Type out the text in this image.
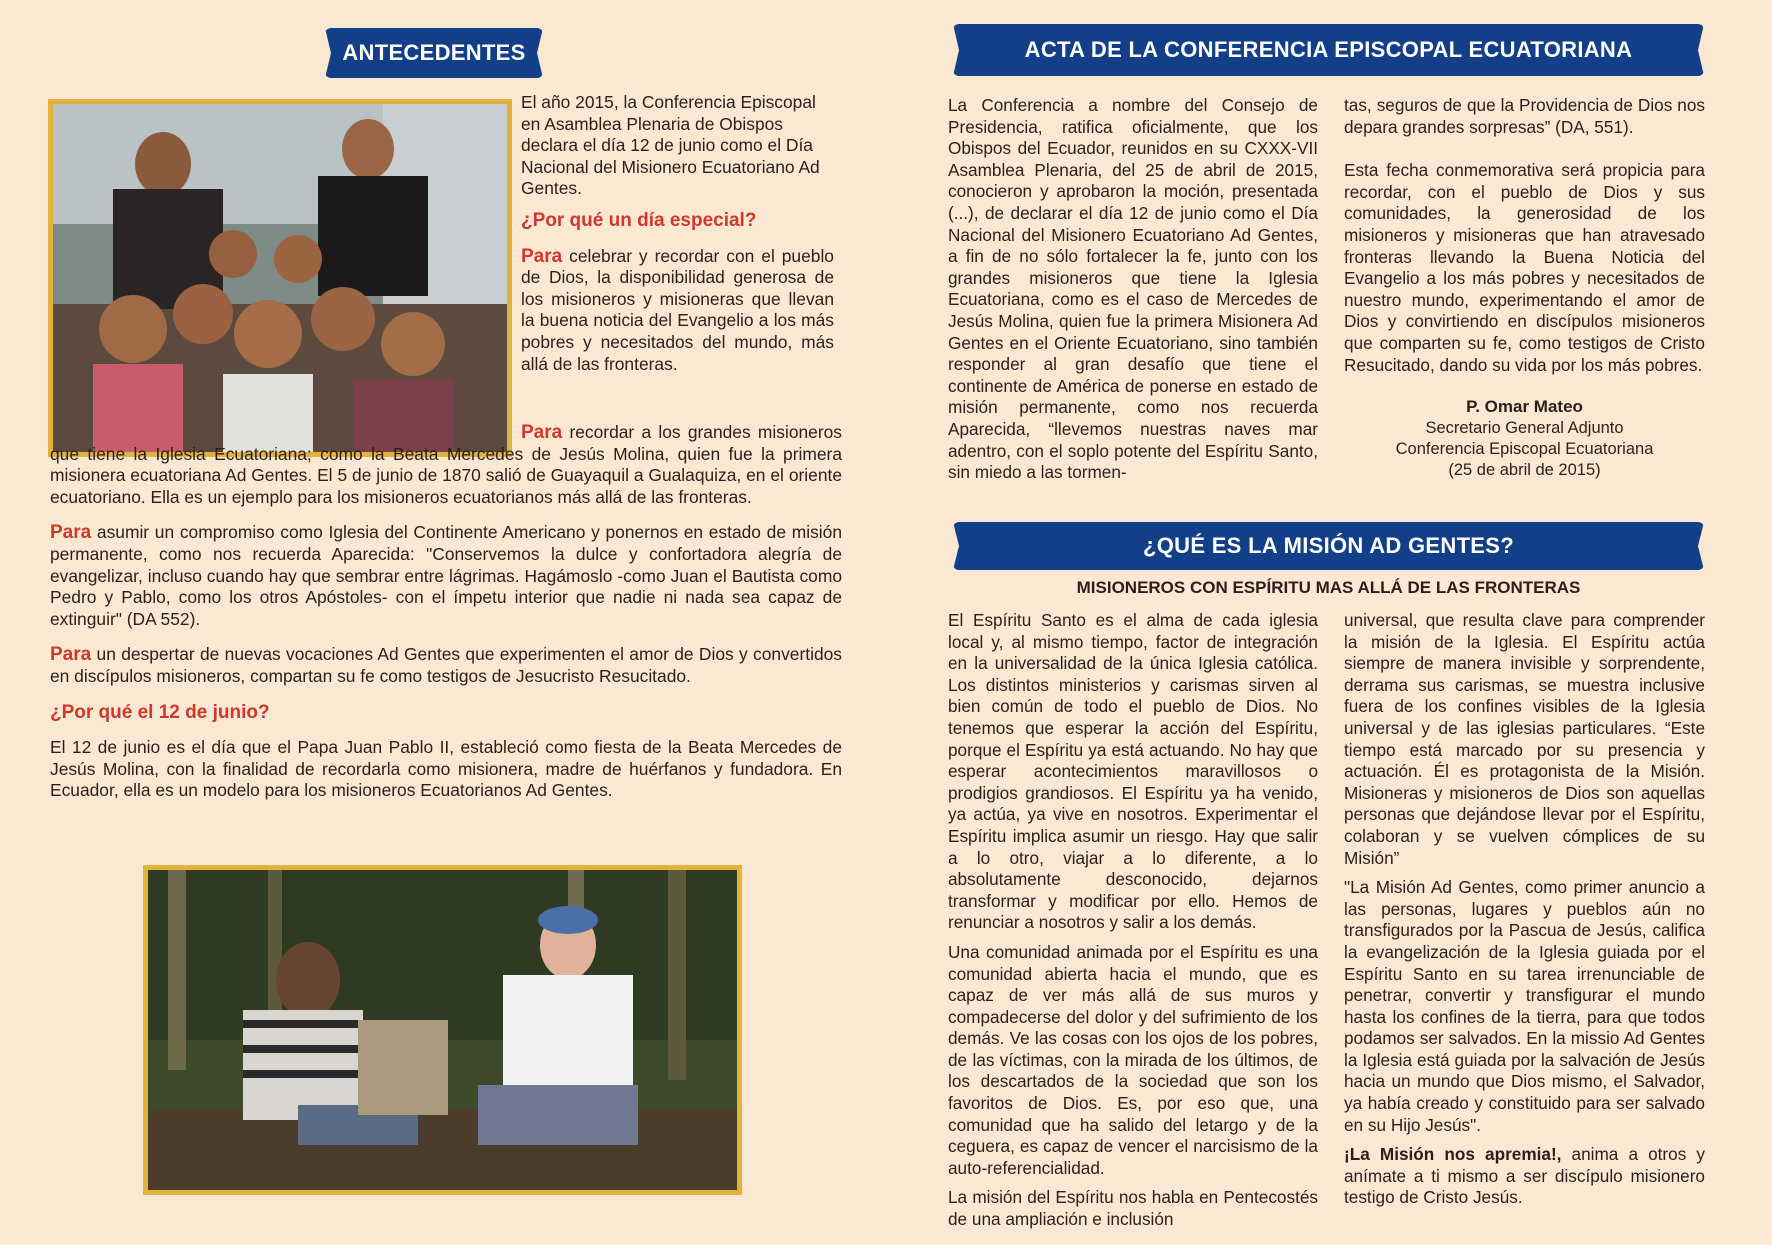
ANTECEDENTES

El año 2015, la Conferencia Episcopal en Asamblea Plenaria de Obispos declara el día 12 de junio como el Día Nacional del Misionero Ecuatoriano Ad Gentes.

¿Por qué un día especial?

Para celebrar y recordar con el pueblo de Dios, la disponibilidad generosa de los misioneros y misioneras que llevan la buena noticia del Evangelio a los más pobres y necesitados del mundo, más allá de las fronteras.

Para recordar a los grandes misioneros que tiene la Iglesia Ecuatoriana; como la Beata Mercedes de Jesús Molina, quien fue la primera misionera ecuatoriana Ad Gentes. El 5 de junio de 1870 salió de Guayaquil a Gualaquiza, en el oriente ecuatoriano. Ella es un ejemplo para los misioneros ecuatorianos más allá de las fronteras.

Para asumir un compromiso como Iglesia del Continente Americano y ponernos en estado de misión permanente, como nos recuerda Aparecida: "Conservemos la dulce y confortadora alegría de evangelizar, incluso cuando hay que sembrar entre lágrimas. Hagámoslo -como Juan el Bautista como Pedro y Pablo, como los otros Apóstoles- con el ímpetu interior que nadie ni nada sea capaz de extinguir" (DA 552).

Para un despertar de nuevas vocaciones Ad Gentes que experimenten el amor de Dios y convertidos en discípulos misioneros, compartan su fe como testigos de Jesucristo Resucitado.

¿Por qué el 12 de junio?

El 12 de junio es el día que el Papa Juan Pablo II, estableció como fiesta de la Beata Mercedes de Jesús Molina, con la finalidad de recordarla como misionera, madre de huérfanos y fundadora. En Ecuador, ella es un modelo para los misioneros Ecuatorianos Ad Gentes.

ACTA DE LA CONFERENCIA EPISCOPAL ECUATORIANA

La Conferencia a nombre del Consejo de Presidencia, ratifica oficialmente, que los Obispos del Ecuador, reunidos en su CXXX-VII Asamblea Plenaria, del 25 de abril de 2015, conocieron y aprobaron la moción, presentada (...), de declarar el día 12 de junio como el Día Nacional del Misionero Ecuatoriano Ad Gentes, a fin de no sólo fortalecer la fe, junto con los grandes misioneros que tiene la Iglesia Ecuatoriana, como es el caso de Mercedes de Jesús Molina, quien fue la primera Misionera Ad Gentes en el Oriente Ecuatoriano, sino también responder al gran desafío que tiene el continente de América de ponerse en estado de misión permanente, como nos recuerda Aparecida, “llevemos nuestras naves mar adentro, con el soplo potente del Espíritu Santo, sin miedo a las tormen-

tas, seguros de que la Providencia de Dios nos depara grandes sorpresas” (DA, 551).

Esta fecha conmemorativa será propicia para recordar, con el pueblo de Dios y sus comunidades, la generosidad de los misioneros y misioneras que han atravesado fronteras llevando la Buena Noticia del Evangelio a los más pobres y necesitados de nuestro mundo, experimentando el amor de Dios y convirtiendo en discípulos misioneros que comparten su fe, como testigos de Cristo Resucitado, dando su vida por los más pobres.

P. Omar Mateo
Secretario General Adjunto
Conferencia Episcopal Ecuatoriana
(25 de abril de 2015)
¿QUÉ ES LA MISIÓN AD GENTES?
MISIONEROS CON ESPÍRITU MAS ALLÁ DE LAS FRONTERAS

El Espíritu Santo es el alma de cada iglesia local y, al mismo tiempo, factor de integración en la universalidad de la única Iglesia católica. Los distintos ministerios y carismas sirven al bien común de todo el pueblo de Dios. No tenemos que esperar la acción del Espíritu, porque el Espíritu ya está actuando. No hay que esperar acontecimientos maravillosos o prodigios grandiosos. El Espíritu ya ha venido, ya actúa, ya vive en nosotros. Experimentar el Espíritu implica asumir un riesgo. Hay que salir a lo otro, viajar a lo diferente, a lo absolutamente desconocido, dejarnos transformar y modificar por ello. Hemos de renunciar a nosotros y salir a los demás.

Una comunidad animada por el Espíritu es una comunidad abierta hacia el mundo, que es capaz de ver más allá de sus muros y compadecerse del dolor y del sufrimiento de los demás. Ve las cosas con los ojos de los pobres, de las víctimas, con la mirada de los últimos, de los descartados de la sociedad que son los favoritos de Dios. Es, por eso que, una comunidad que ha salido del letargo y de la ceguera, es capaz de vencer el narcisismo de la auto-referencialidad.

La misión del Espíritu nos habla en Pentecostés de una ampliación e inclusión

universal, que resulta clave para comprender la misión de la Iglesia. El Espíritu actúa siempre de manera invisible y sorprendente, derrama sus carismas, se muestra inclusive fuera de los confines visibles de la Iglesia universal y de las iglesias particulares. “Este tiempo está marcado por su presencia y actuación. Él es protagonista de la Misión. Misioneras y misioneros de Dios son aquellas personas que dejándose llevar por el Espíritu, colaboran y se vuelven cómplices de su Misión”

"La Misión Ad Gentes, como primer anuncio a las personas, lugares y pueblos aún no transfigurados por la Pascua de Jesús, califica la evangelización de la Iglesia guiada por el Espíritu Santo en su tarea irrenunciable de penetrar, convertir y transfigurar el mundo hasta los confines de la tierra, para que todos podamos ser salvados. En la missio Ad Gentes la Iglesia está guiada por la salvación de Jesús hacia un mundo que Dios mismo, el Salvador, ya había creado y constituido para ser salvado en su Hijo Jesús".

¡La Misión nos apremia!, anima a otros y anímate a ti mismo a ser discípulo misionero testigo de Cristo Jesús.
